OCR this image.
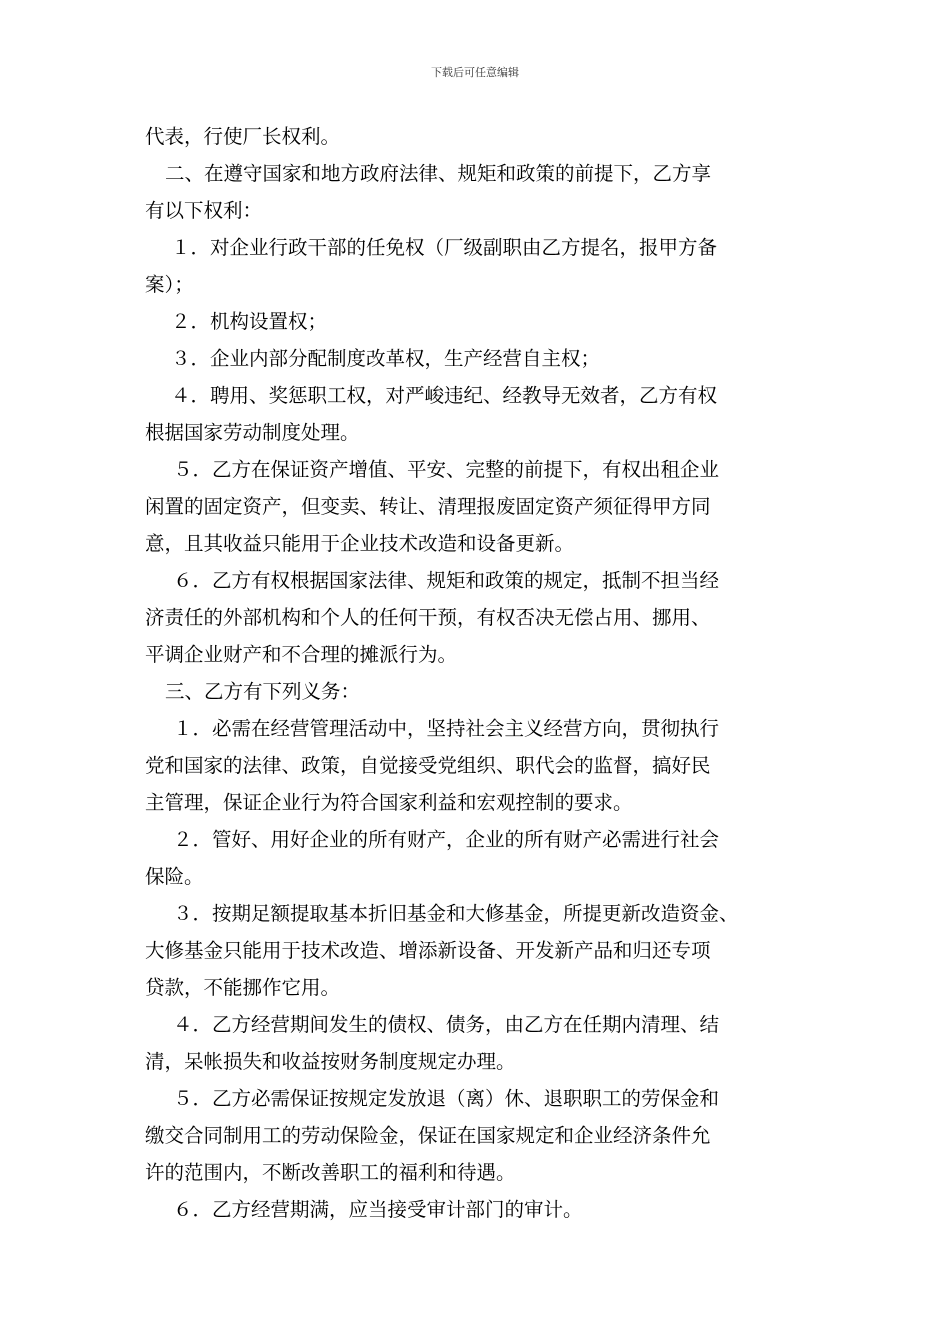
下载后可任意编辑
代表，行使厂长权利。
二、在遵守国家和地方政府法律、规矩和政策的前提下，乙方享
有以下权利：
１．对企业行政干部的任免权（厂级副职由乙方提名，报甲方备
案）；
２．机构设置权；
３．企业内部分配制度改革权，生产经营自主权；
４．聘用、奖惩职工权，对严峻违纪、经教导无效者，乙方有权
根据国家劳动制度处理。
５．乙方在保证资产增值、平安、完整的前提下，有权出租企业
闲置的固定资产，但变卖、转让、清理报废固定资产须征得甲方同
意，且其收益只能用于企业技术改造和设备更新。
６．乙方有权根据国家法律、规矩和政策的规定，抵制不担当经
济责任的外部机构和个人的任何干预，有权否决无偿占用、挪用、
平调企业财产和不合理的摊派行为。
三、乙方有下列义务：
１．必需在经营管理活动中，坚持社会主义经营方向，贯彻执行
党和国家的法律、政策，自觉接受党组织、职代会的监督，搞好民
主管理，保证企业行为符合国家利益和宏观控制的要求。
２．管好、用好企业的所有财产，企业的所有财产必需进行社会
保险。
３．按期足额提取基本折旧基金和大修基金，所提更新改造资金、
大修基金只能用于技术改造、增添新设备、开发新产品和归还专项
贷款，不能挪作它用。
４．乙方经营期间发生的债权、债务，由乙方在任期内清理、结
清，呆帐损失和收益按财务制度规定办理。
５．乙方必需保证按规定发放退（离）休、退职职工的劳保金和
缴交合同制用工的劳动保险金，保证在国家规定和企业经济条件允
许的范围内，不断改善职工的福利和待遇。
６．乙方经营期满，应当接受审计部门的审计。
